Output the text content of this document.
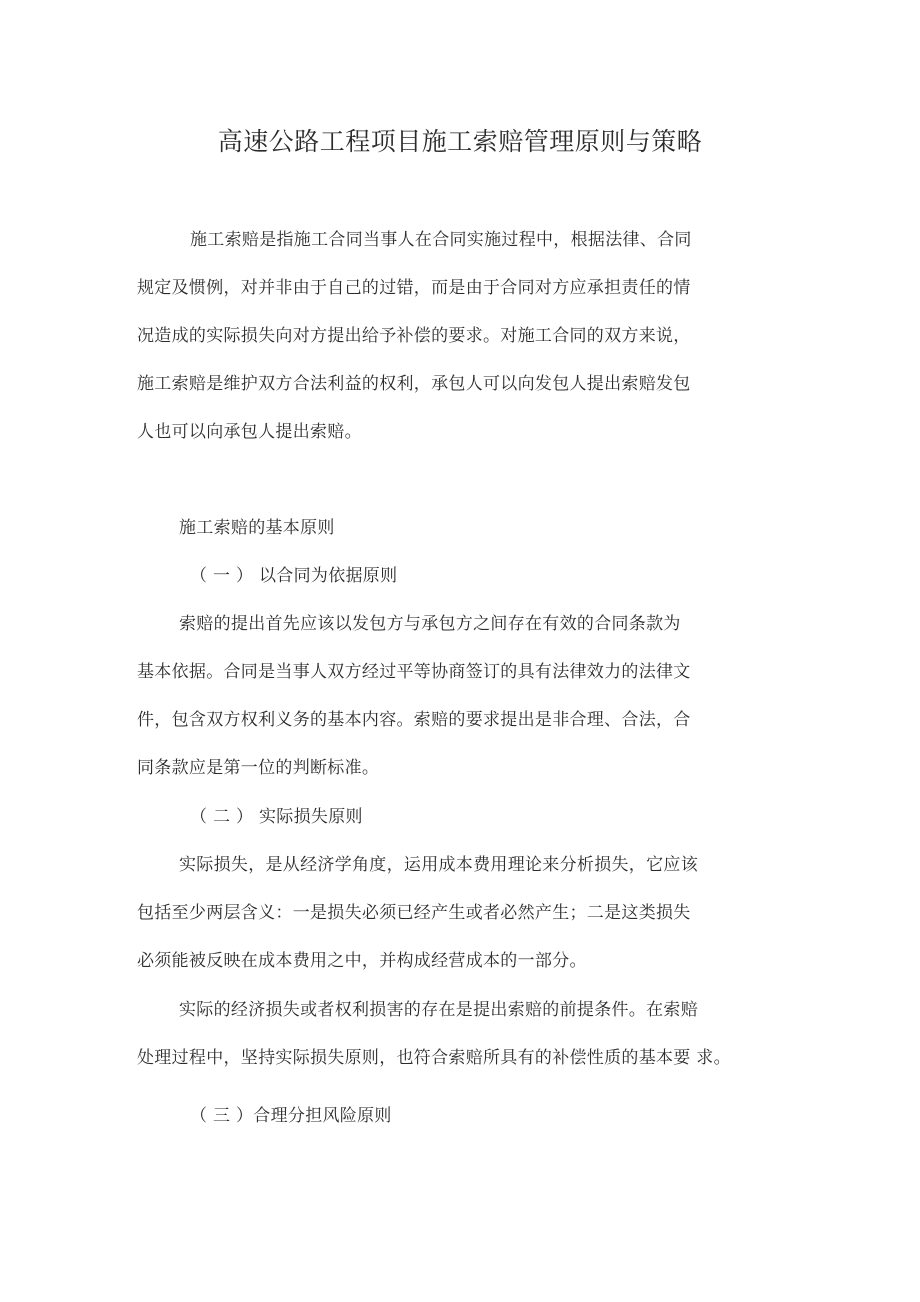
高速公路工程项目施工索赔管理原则与策略
施工索赔是指施工合同当事人在合同实施过程中，根据法律、合同
规定及惯例，对并非由于自己的过错，而是由于合同对方应承担责任的情
况造成的实际损失向对方提出给予补偿的要求。对施工合同的双方来说，
施工索赔是维护双方合法利益的权利，承包人可以向发包人提出索赔发包
人也可以向承包人提出索赔。
施工索赔的基本原则
（ 一 ） 以合同为依据原则
索赔的提出首先应该以发包方与承包方之间存在有效的合同条款为
基本依据。合同是当事人双方经过平等协商签订的具有法律效力的法律文
件，包含双方权利义务的基本内容。索赔的要求提出是非合理、合法，合
同条款应是第一位的判断标准。
（ 二 ） 实际损失原则
实际损失，是从经济学角度，运用成本费用理论来分析损失，它应该
包括至少两层含义：一是损失必须已经产生或者必然产生；二是这类损失
必须能被反映在成本费用之中，并构成经营成本的一部分。
实际的经济损失或者权利损害的存在是提出索赔的前提条件。在索赔
处理过程中，坚持实际损失原则，也符合索赔所具有的补偿性质的基本要 求。
（ 三 ）合理分担风险原则
